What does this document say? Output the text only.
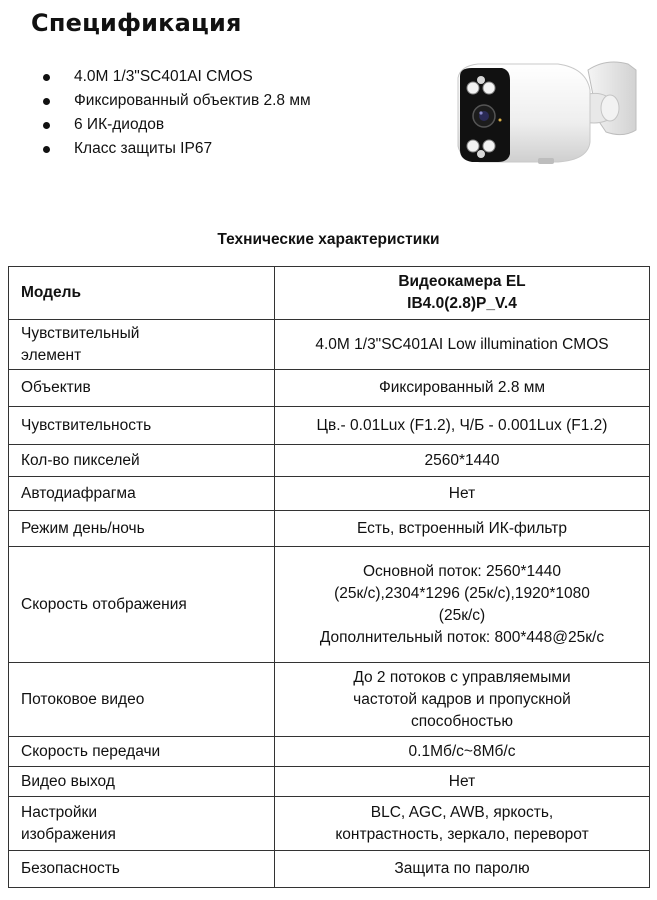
Спецификация
4.0M 1/3"SC401AI CMOS
Фиксированный объектив 2.8 мм
6 ИК-диодов
Класс защиты IP67
Технические характеристики
Модель	Видеокамера EL
IB4.0(2.8)P_V.4
Чувствительный
элемент	4.0M 1/3"SC401AI Low illumination CMOS
Объектив	Фиксированный 2.8 мм
Чувствительность	Цв.- 0.01Lux (F1.2), Ч/Б - 0.001Lux (F1.2)
Кол-во пикселей	2560*1440
Автодиафрагма	Нет
Режим день/ночь	Есть, встроенный ИК-фильтр
Скорость отображения	Основной поток: 2560*1440
(25к/с),2304*1296 (25к/с),1920*1080
(25к/с)
Дополнительный поток: 800*448@25к/с
Потоковое видео	До 2 потоков с управляемыми
частотой кадров и пропускной
способностью
Скорость передачи	0.1Мб/с~8Мб/с
Видео выход	Нет
Настройки
изображения	BLC, AGC, AWB, яркость,
контрастность, зеркало, переворот
Безопасность	Защита по паролю
